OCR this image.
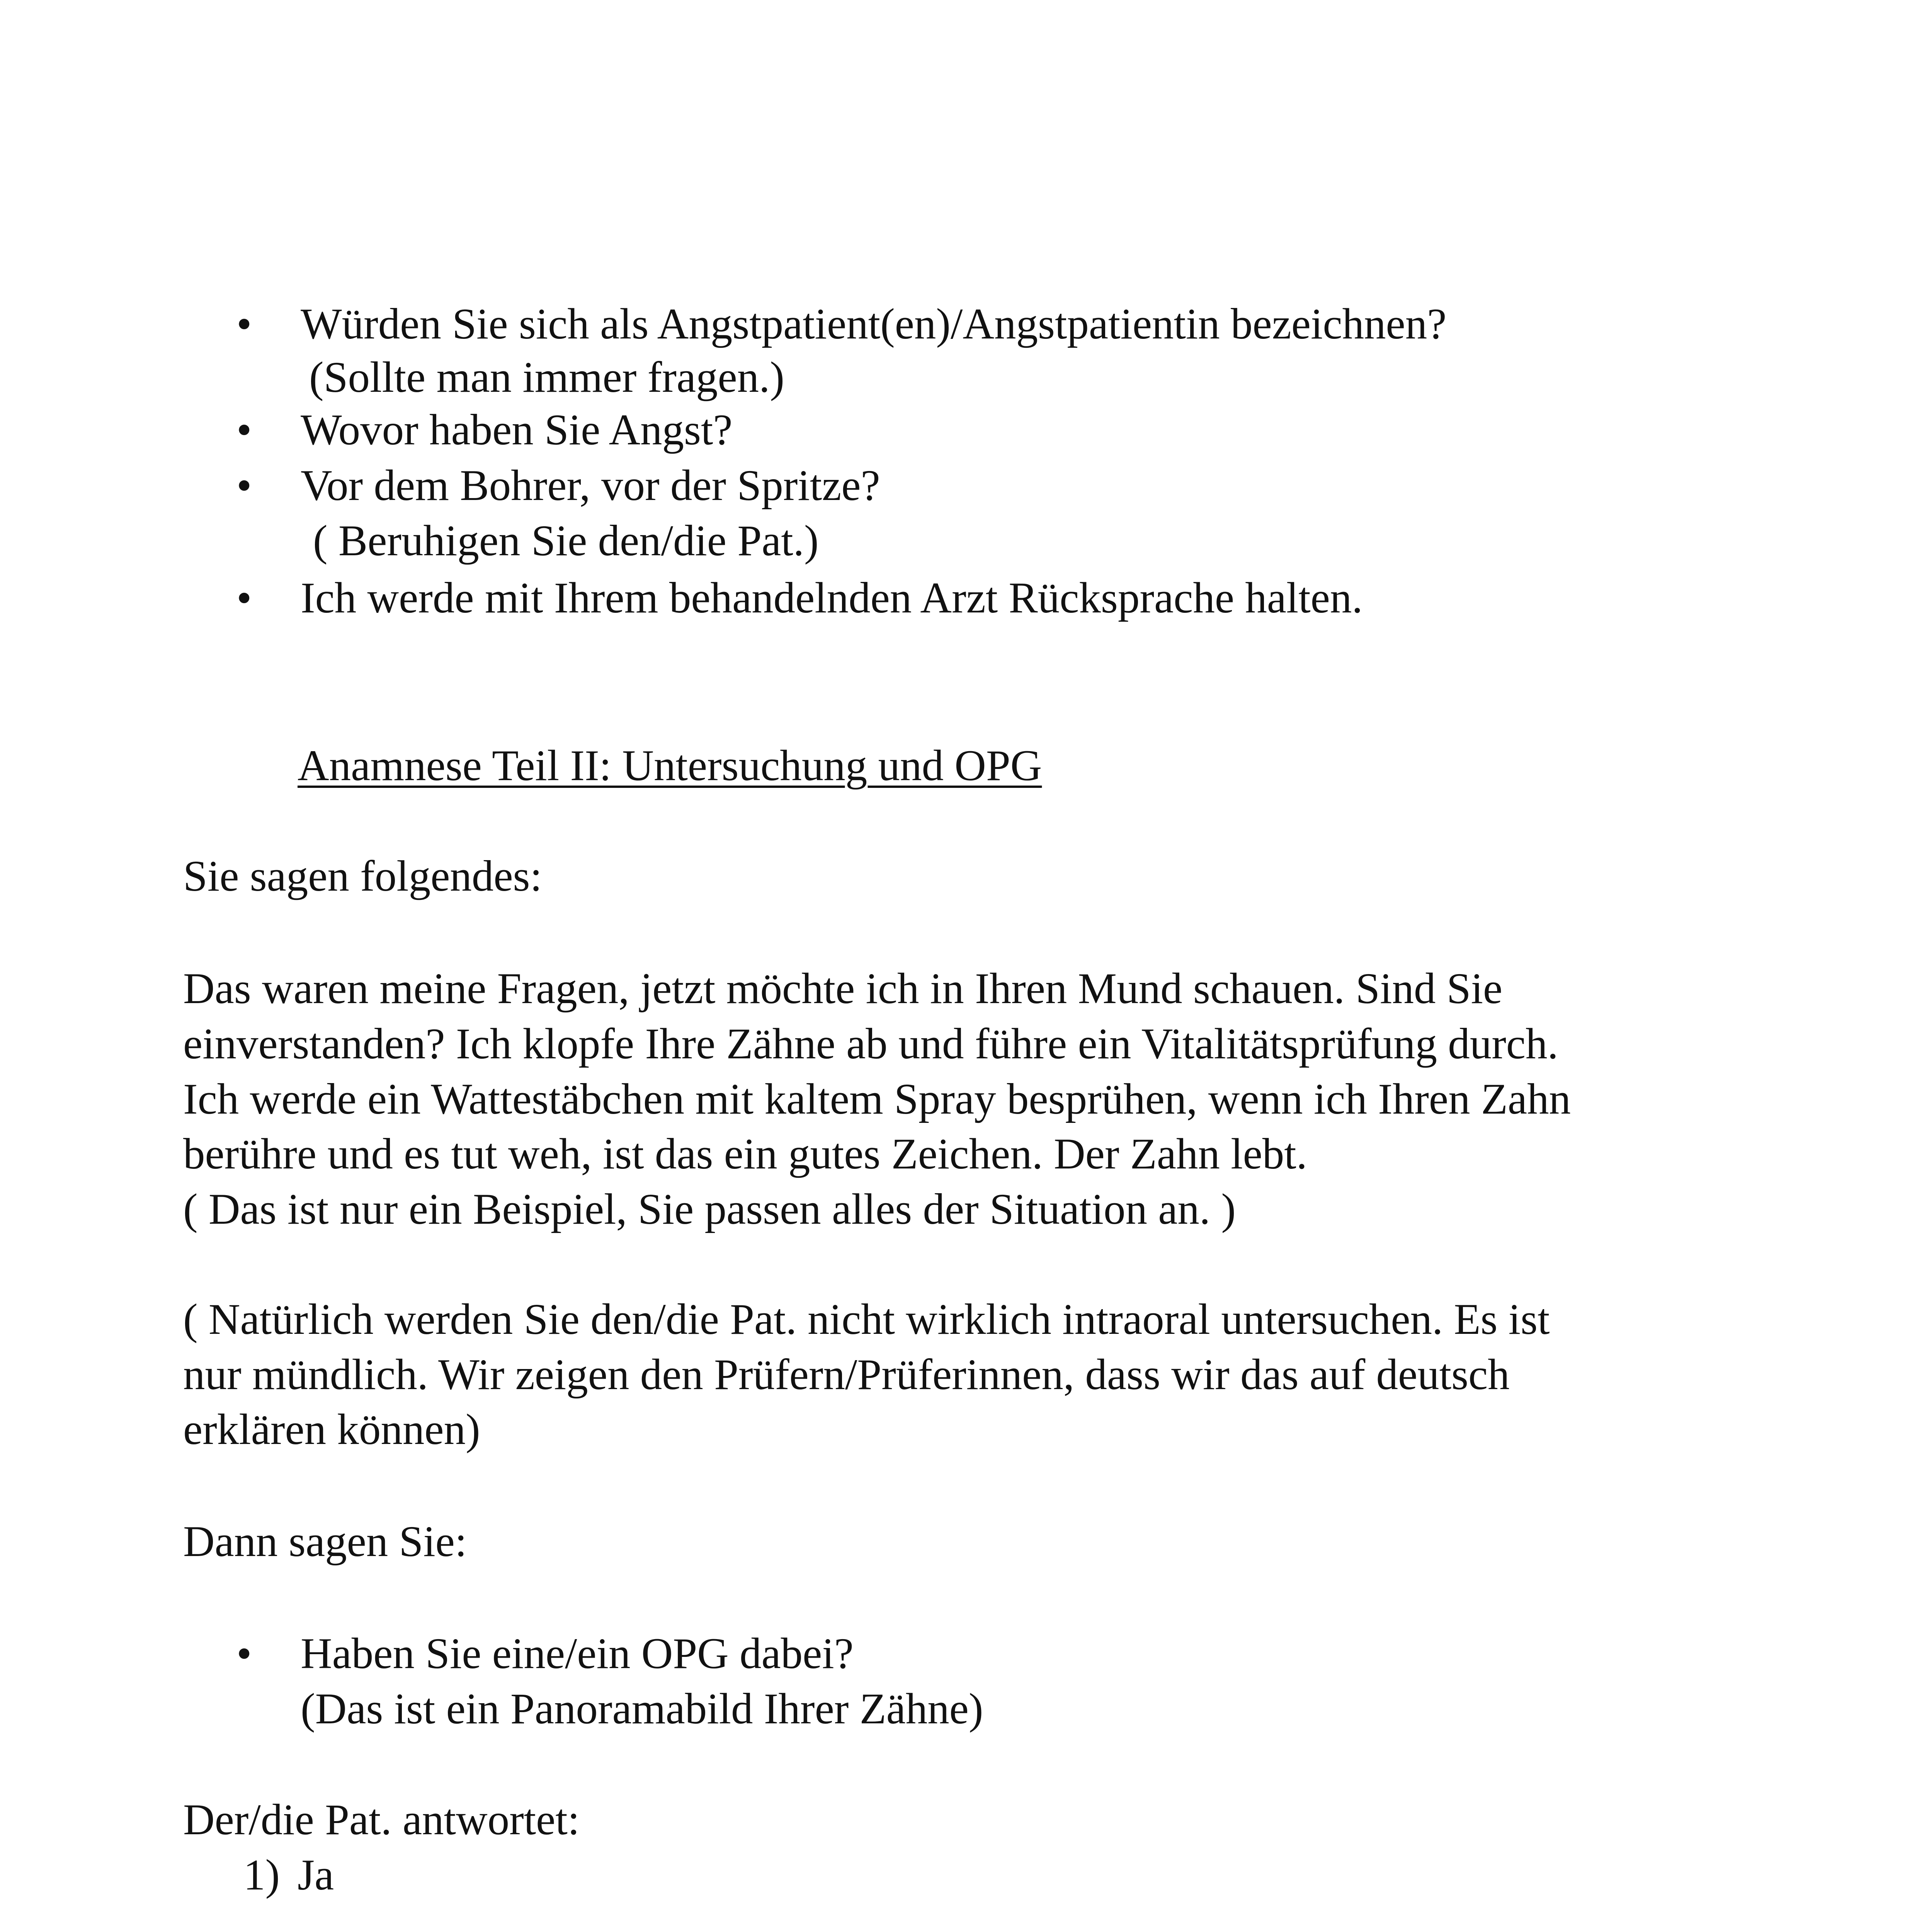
• Würden Sie sich als Angstpatient(en)/Angstpatientin bezeichnen?
(Sollte man immer fragen.)
• Wovor haben Sie Angst?
• Vor dem Bohrer, vor der Spritze?
( Beruhigen Sie den/die Pat.)
• Ich werde mit Ihrem behandelnden Arzt Rücksprache halten.
Anamnese Teil II: Untersuchung und OPG
Sie sagen folgendes:
Das waren meine Fragen, jetzt möchte ich in Ihren Mund schauen. Sind Sie
einverstanden? Ich klopfe Ihre Zähne ab und führe ein Vitalitätsprüfung durch.
Ich werde ein Wattestäbchen mit kaltem Spray besprühen, wenn ich Ihren Zahn
berühre und es tut weh, ist das ein gutes Zeichen. Der Zahn lebt.
( Das ist nur ein Beispiel, Sie passen alles der Situation an. )
( Natürlich werden Sie den/die Pat. nicht wirklich intraoral untersuchen. Es ist
nur mündlich. Wir zeigen den Prüfern/Prüferinnen, dass wir das auf deutsch
erklären können)
Dann sagen Sie:
• Haben Sie eine/ein OPG dabei?
(Das ist ein Panoramabild Ihrer Zähne)
Der/die Pat. antwortet:
1) Ja
